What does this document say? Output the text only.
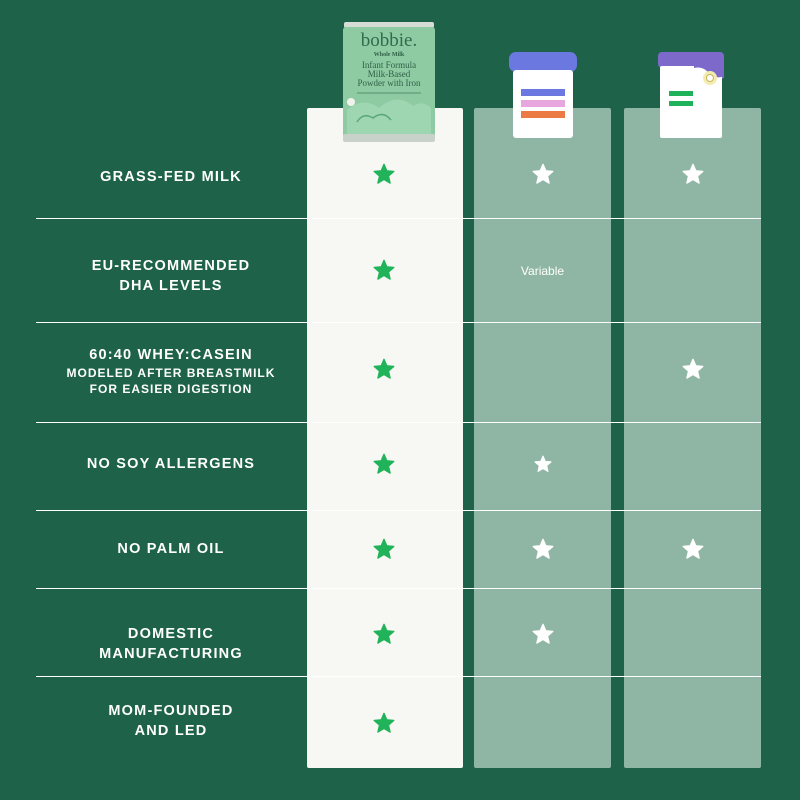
bobbie.
Whole Milk
Infant Formula
Milk-Based
Powder with Iron
GRASS-FED MILK
EU-RECOMMENDED
DHA LEVELS
60:40 WHEY:CASEIN
MODELED AFTER BREASTMILK
FOR EASIER DIGESTION
NO SOY ALLERGENS
NO PALM OIL
DOMESTIC
MANUFACTURING
MOM-FOUNDED
AND LED
Variable
